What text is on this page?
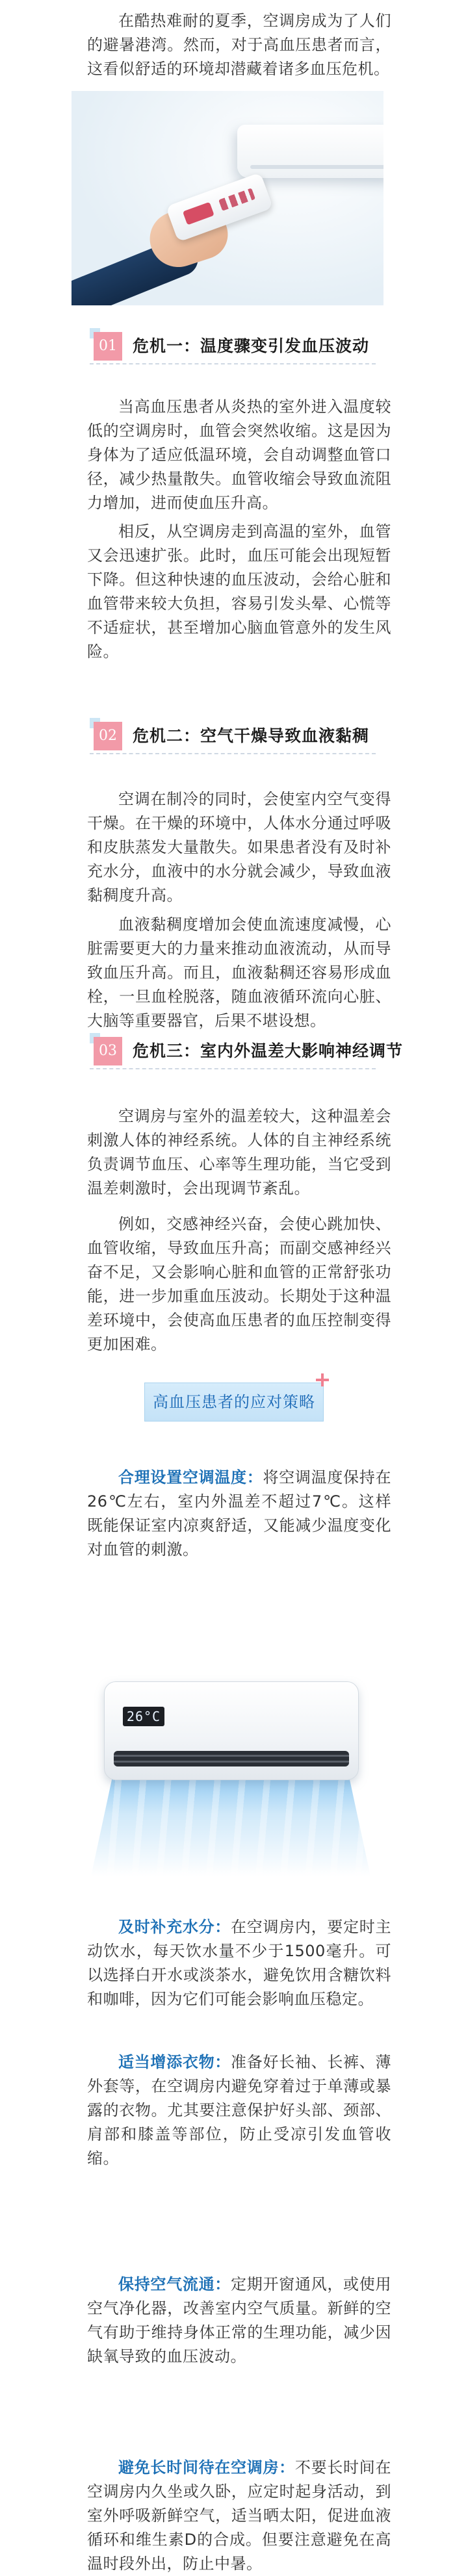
在酷热难耐的夏季，空调房成为了人们的避暑港湾。然而，对于高血压患者而言，这看似舒适的环境却潜藏着诸多血压危机。

01 危机一：温度骤变引发血压波动

当高血压患者从炎热的室外进入温度较低的空调房时，血管会突然收缩。这是因为身体为了适应低温环境，会自动调整血管口径，减少热量散失。血管收缩会导致血流阻力增加，进而使血压升高。

相反，从空调房走到高温的室外，血管又会迅速扩张。此时，血压可能会出现短暂下降。但这种快速的血压波动，会给心脏和血管带来较大负担，容易引发头晕、心慌等不适症状，甚至增加心脑血管意外的发生风险。

02 危机二：空气干燥导致血液黏稠

空调在制冷的同时，会使室内空气变得干燥。在干燥的环境中，人体水分通过呼吸和皮肤蒸发大量散失。如果患者没有及时补充水分，血液中的水分就会减少，导致血液黏稠度升高。

血液黏稠度增加会使血流速度减慢，心脏需要更大的力量来推动血液流动，从而导致血压升高。而且，血液黏稠还容易形成血栓，一旦血栓脱落，随血液循环流向心脏、大脑等重要器官，后果不堪设想。

03 危机三：室内外温差大影响神经调节

空调房与室外的温差较大，这种温差会刺激人体的神经系统。人体的自主神经系统负责调节血压、心率等生理功能，当它受到温差刺激时，会出现调节紊乱。

高血压患者的应对策略

合理设置空调温度：将空调温度保持在26℃左右，室内外温差不超过7℃。这样既能保证室内凉爽舒适，又能减少温度变化对血管的刺激。

26°C

及时补充水分：在空调房内，要定时主动饮水，每天饮水量不少于1500毫升。可以选择白开水或淡茶水，避免饮用含糖饮料和咖啡，因为它们可能会影响血压稳定。

适当增添衣物：准备好长袖、长裤、薄外套等，在空调房内避免穿着过于单薄或暴露的衣物。尤其要注意保护好头部、颈部、肩部和膝盖等部位，防止受凉引发血管收缩。

保持空气流通：定期开窗通风，或使用空气净化器，改善室内空气质量。新鲜的空气有助于维持身体正常的生理功能，减少因缺氧导致的血压波动。

避免长时间待在空调房：不要长时间在空调房内久坐或久卧，应定时起身活动，到室外呼吸新鲜空气，适当晒太阳，促进血液循环和维生素D的合成。但要注意避免在高温时段外出，防止中暑。

例如，交感神经兴奋，会使心跳加快、血管收缩，导致血压升高；而副交感神经兴奋不足，又会影响心脏和血管的正常舒张功能，进一步加重血压波动。长期处于这种温差环境中，会使高血压患者的血压控制变得更加困难。
